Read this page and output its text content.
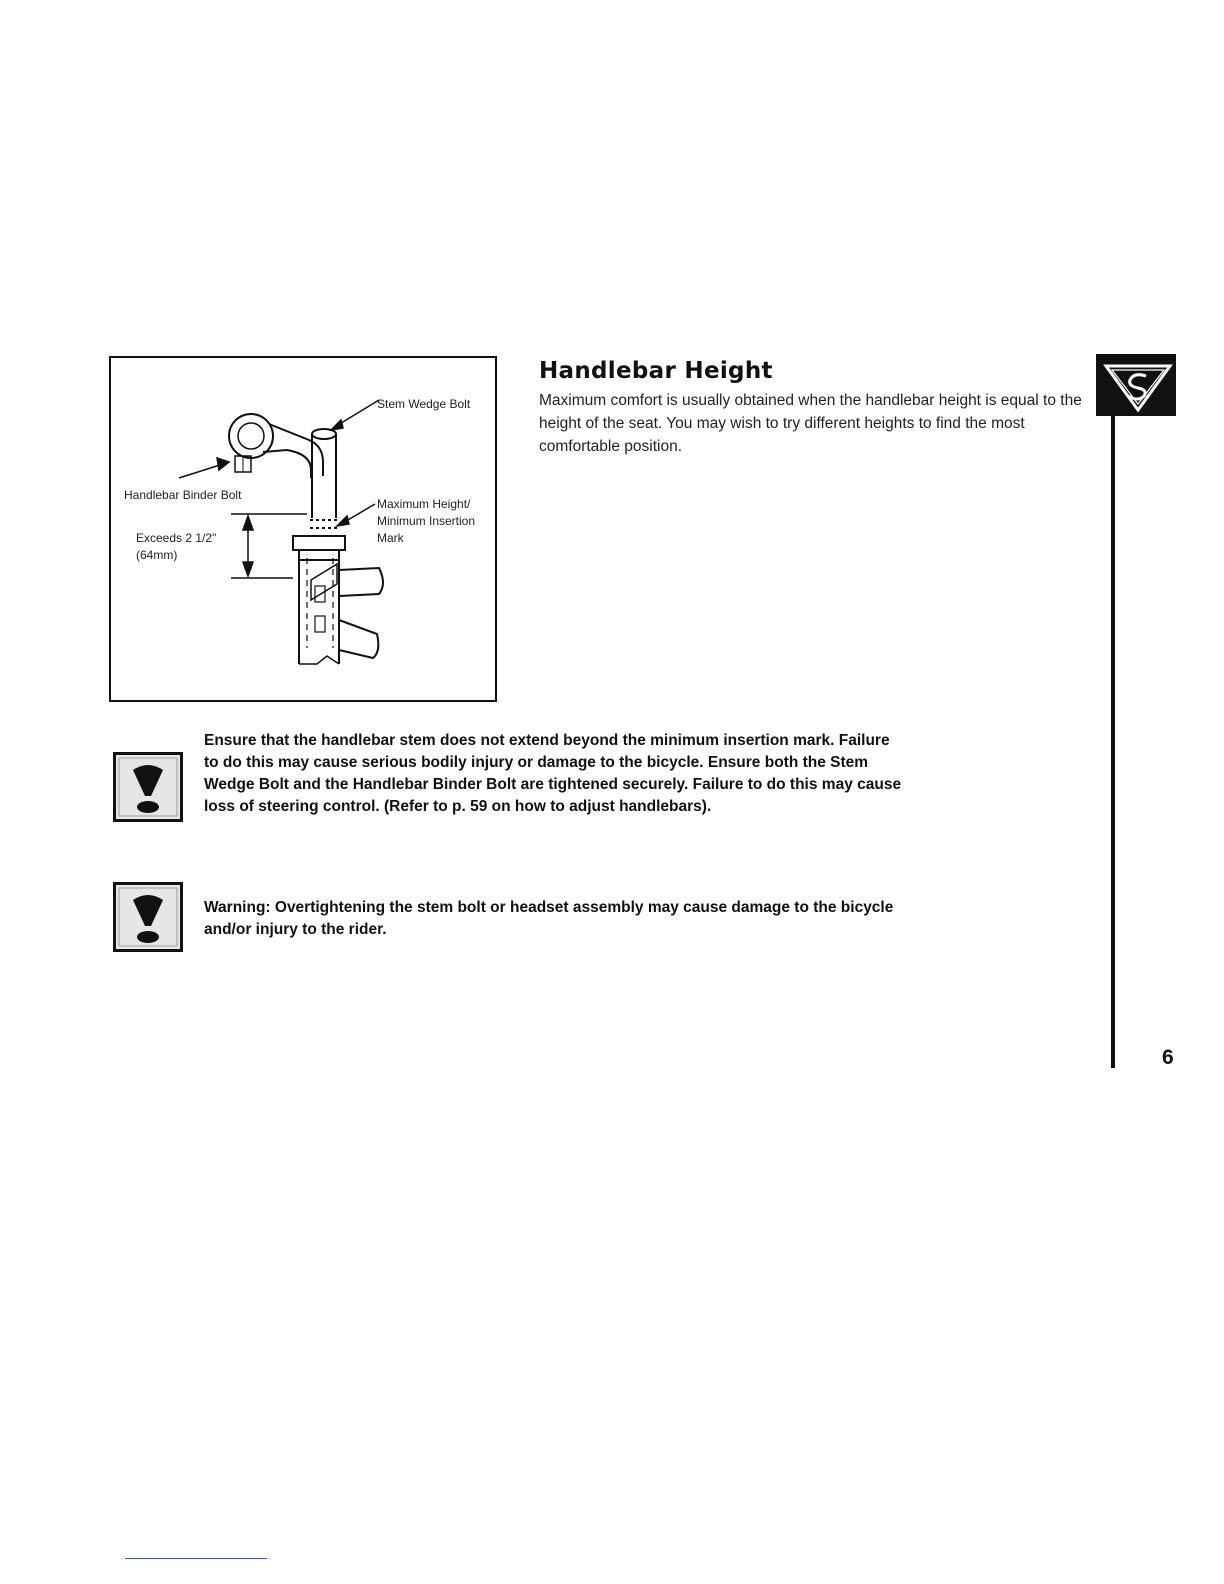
Stem Wedge Bolt
Handlebar Binder Bolt
Exceeds 2 1/2"
(64mm)
Maximum Height/
Minimum Insertion
Mark
Handlebar Height
Maximum comfort is usually obtained when the handlebar height is equal to the height of the seat. You may wish to try different heights to find the most comfortable position.
Ensure that the handlebar stem does not extend beyond the minimum insertion mark. Failure to do this may cause serious bodily injury or damage to the bicycle. Ensure both the Stem Wedge Bolt and the Handlebar Binder Bolt are tightened securely. Failure to do this may cause loss of steering control. (Refer to p. 59 on how to adjust handlebars).
Warning: Overtightening the stem bolt or headset assembly may cause damage to the bicycle and/or injury to the rider.
6
